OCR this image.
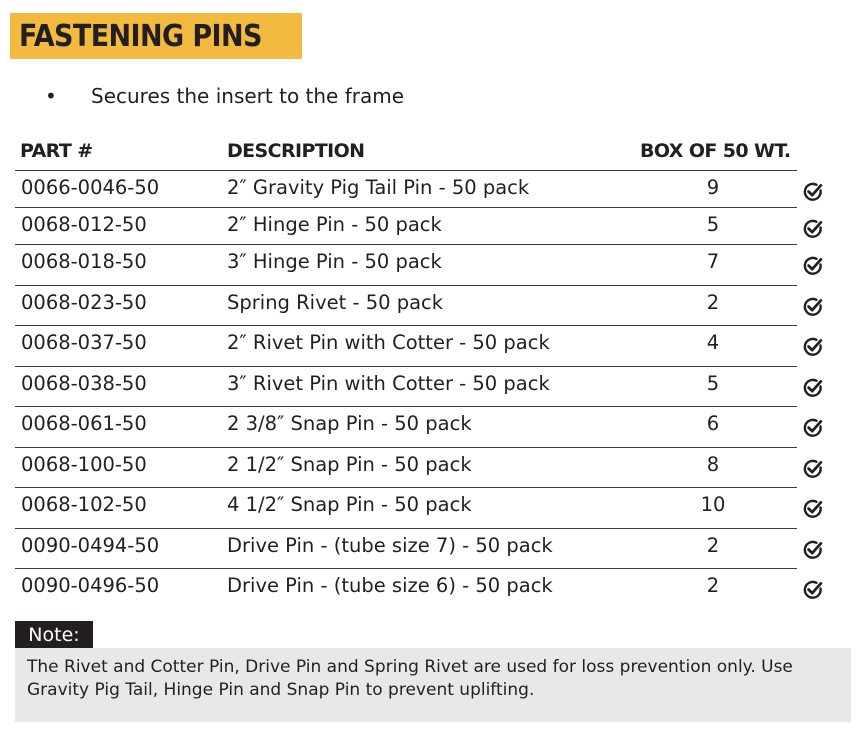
FASTENING PINS
• Secures the insert to the frame
PART #	DESCRIPTION	BOX OF 50 WT.
0066-0046-50	2″ Gravity Pig Tail Pin - 50 pack	9
0068-012-50	2″ Hinge Pin - 50 pack	5
0068-018-50	3″ Hinge Pin - 50 pack	7
0068-023-50	Spring Rivet - 50 pack	2
0068-037-50	2″ Rivet Pin with Cotter - 50 pack	4
0068-038-50	3″ Rivet Pin with Cotter - 50 pack	5
0068-061-50	2 3/8″ Snap Pin - 50 pack	6
0068-100-50	2 1/2″ Snap Pin - 50 pack	8
0068-102-50	4 1/2″ Snap Pin - 50 pack	10
0090-0494-50	Drive Pin - (tube size 7) - 50 pack	2
0090-0496-50	Drive Pin - (tube size 6) - 50 pack	2
Note:
The Rivet and Cotter Pin, Drive Pin and Spring Rivet are used for loss prevention only. Use Gravity Pig Tail, Hinge Pin and Snap Pin to prevent uplifting.
